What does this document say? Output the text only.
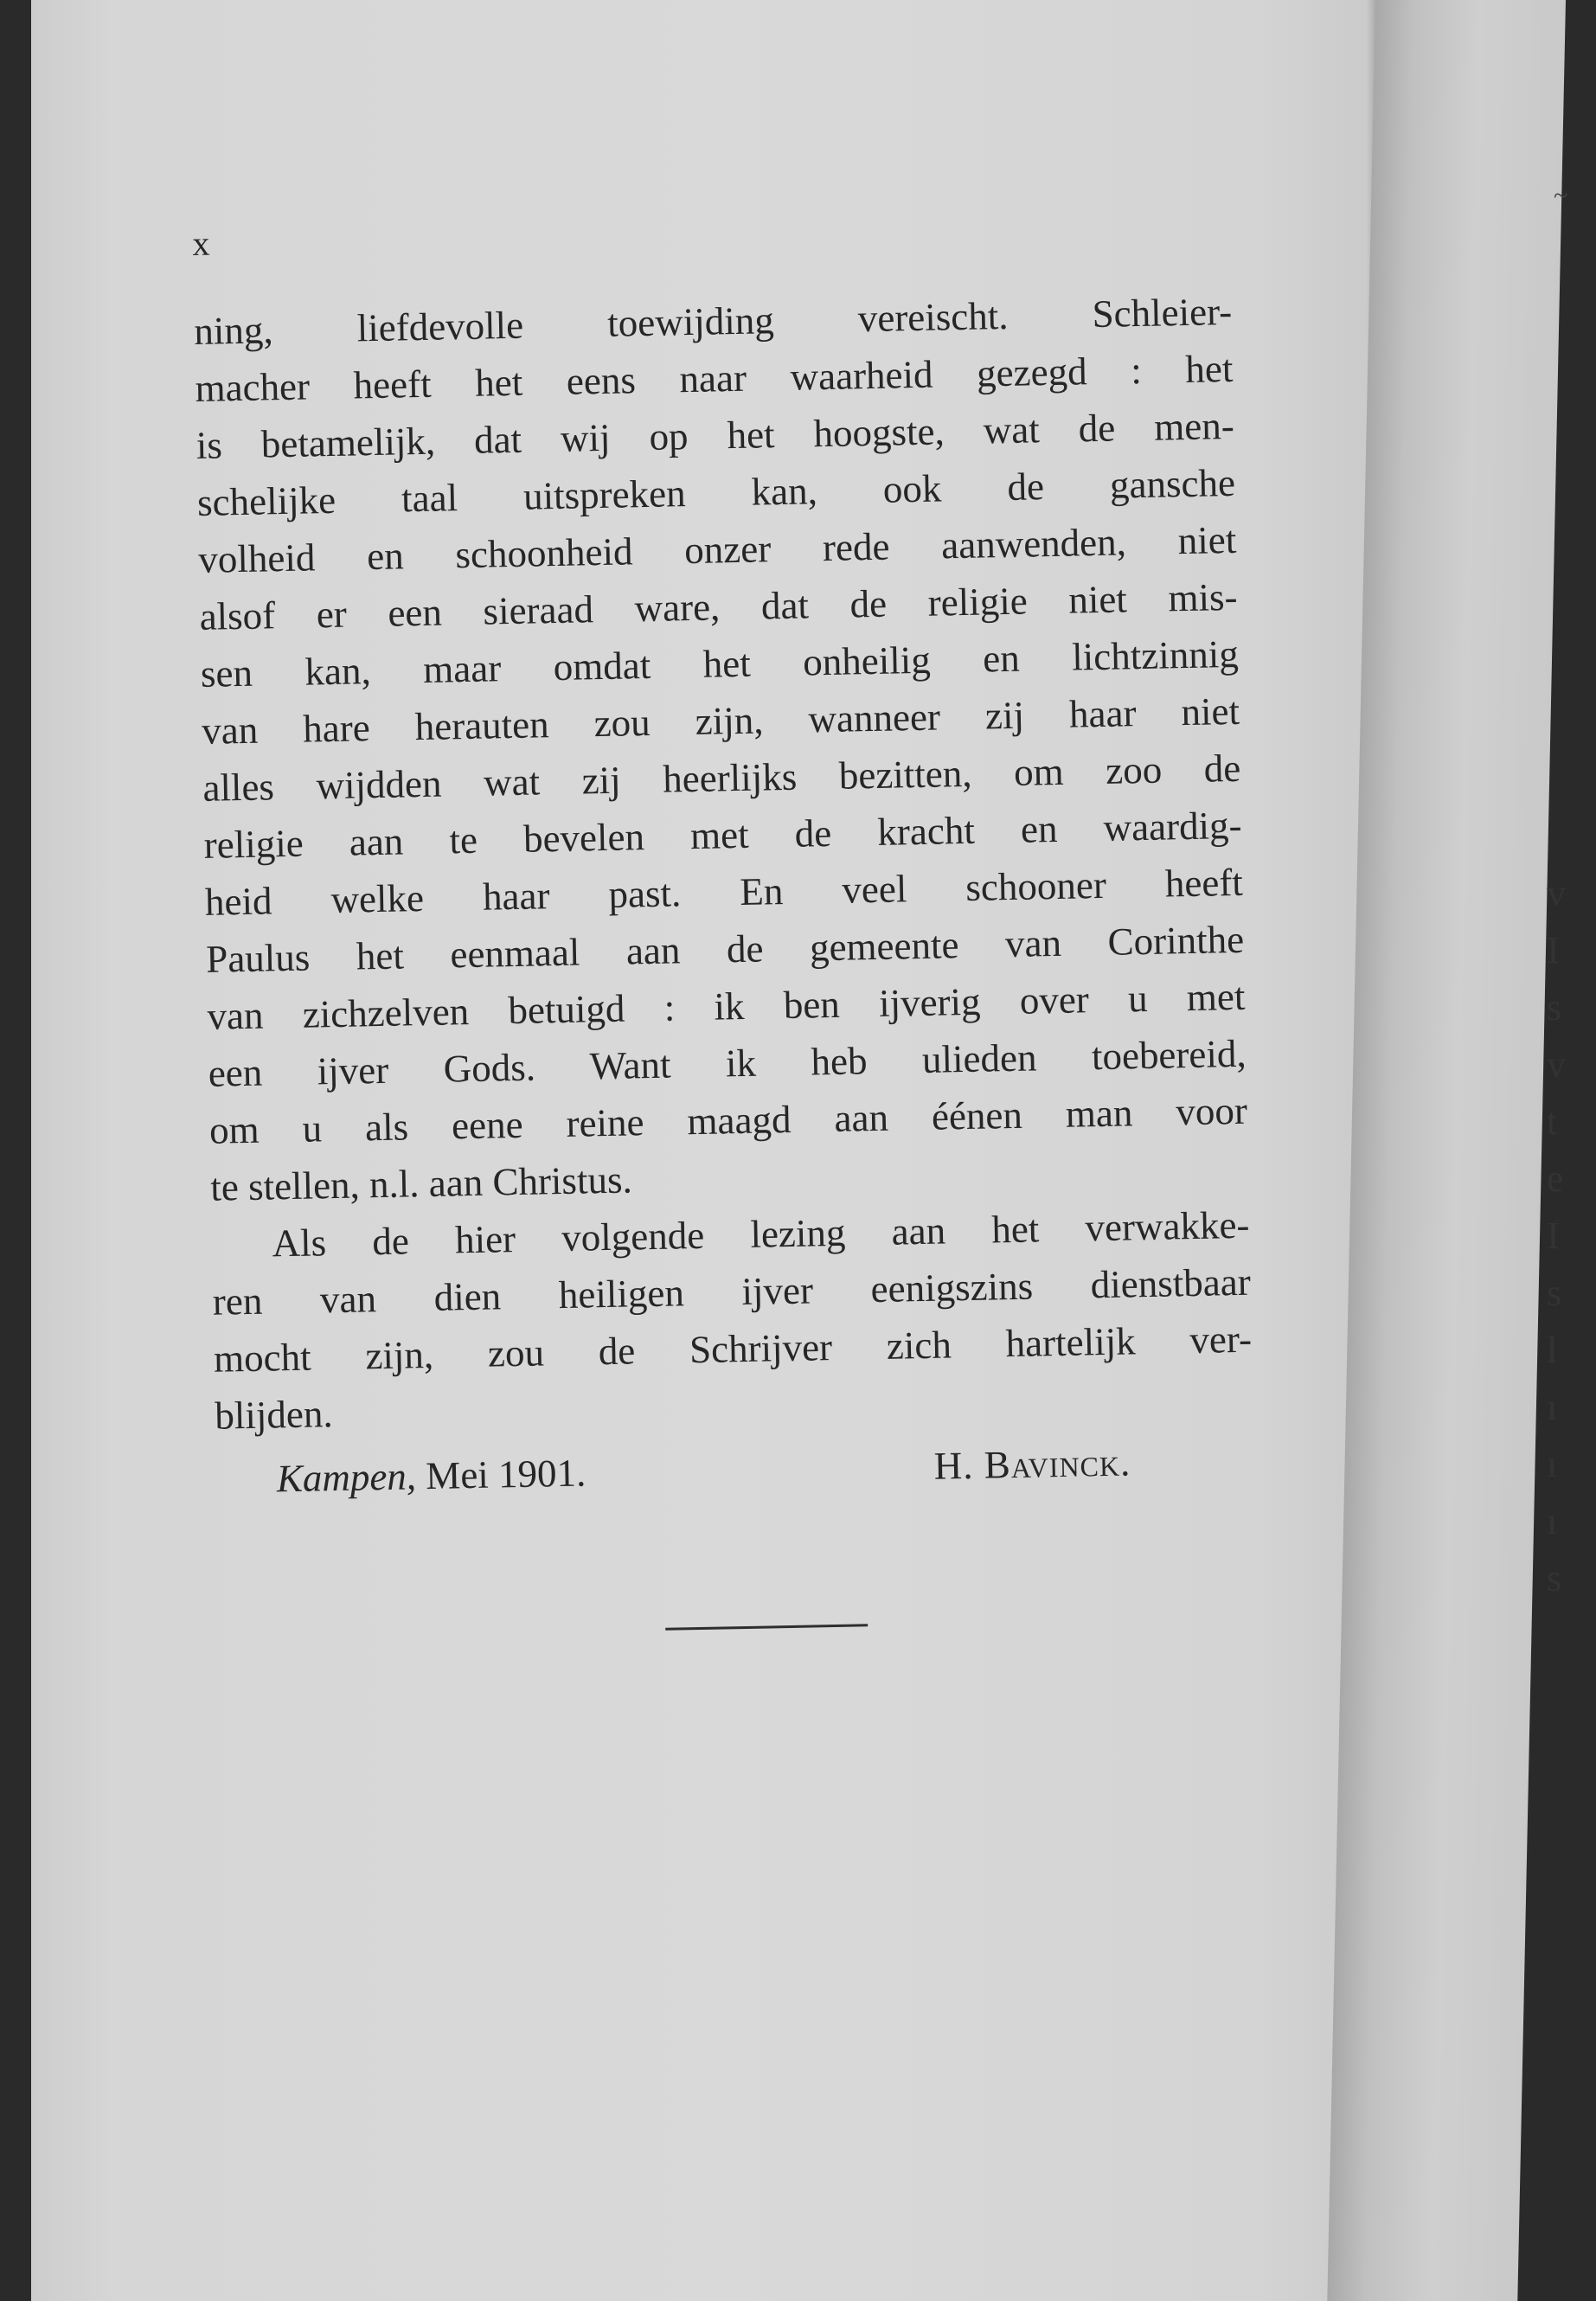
x
ning, liefdevolle toewijding vereischt. Schleier-
macher heeft het eens naar waarheid gezegd : het
is betamelijk, dat wij op het hoogste, wat de men-
schelijke taal uitspreken kan, ook de gansche
volheid en schoonheid onzer rede aanwenden, niet
alsof er een sieraad ware, dat de religie niet mis-
sen kan, maar omdat het onheilig en lichtzinnig
van hare herauten zou zijn, wanneer zij haar niet
alles wijdden wat zij heerlijks bezitten, om zoo de
religie aan te bevelen met de kracht en waardig-
heid welke haar past. En veel schooner heeft
Paulus het eenmaal aan de gemeente van Corinthe
van zichzelven betuigd : ik ben ijverig over u met
een ijver Gods. Want ik heb ulieden toebereid,
om u als eene reine maagd aan éénen man voor
te stellen, n.l. aan Christus.
Als de hier volgende lezing aan het verwakke-
ren van dien heiligen ijver eenigszins dienstbaar
mocht zijn, zou de Schrijver zich hartelijk ver-
blijden.
Kampen, Mei 1901.	H. Bavinck.
~
v
I
s
v
t
e
I
s
l
ı
ı
ı
s
